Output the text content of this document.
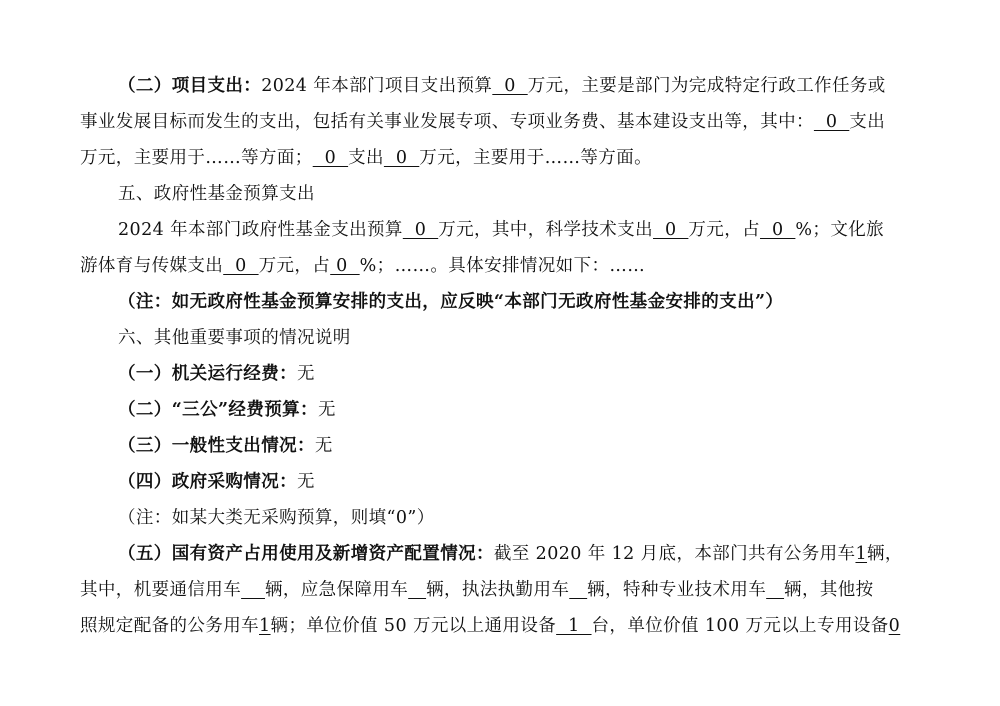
（二）项目支出：2024 年本部门项目支出预算  0  万元，主要是部门为完成特定行政工作任务或
事业发展目标而发生的支出，包括有关事业发展专项、专项业务费、基本建设支出等，其中：  0  支出
万元，主要用于……等方面；  0  支出  0  万元，主要用于……等方面。
五、政府性基金预算支出
2024 年本部门政府性基金支出预算  0  万元，其中，科学技术支出  0  万元，占  0  %；文化旅
游体育与传媒支出  0  万元，占 0  %；……。具体安排情况如下：……
（注：如无政府性基金预算安排的支出，应反映“本部门无政府性基金安排的支出”）
六、其他重要事项的情况说明
（一）机关运行经费：无
（二）“三公”经费预算：无
（三）一般性支出情况：无
（四）政府采购情况：无
（注：如某大类无采购预算，则填“0”）
（五）国有资产占用使用及新增资产配置情况：截至 2020 年 12 月底，本部门共有公务用车1辆，
其中，机要通信用车 辆，应急保障用车 辆，执法执勤用车 辆，特种专业技术用车 辆，其他按
照规定配备的公务用车1辆；单位价值 50 万元以上通用设备  1  台，单位价值 100 万元以上专用设备0
